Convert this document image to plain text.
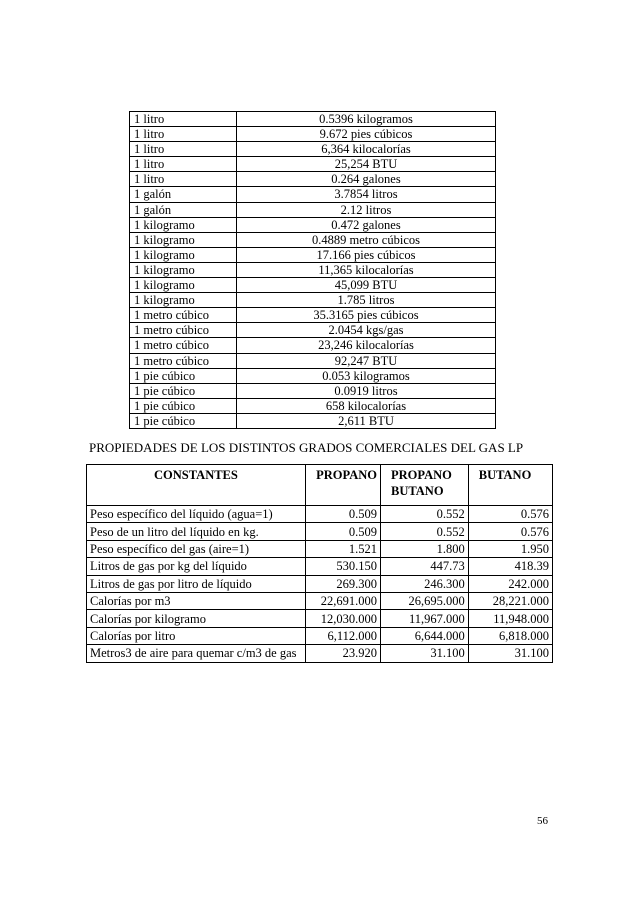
1 litro	0.5396 kilogramos
1 litro	9.672 pies cúbicos
1 litro	6,364 kilocalorías
1 litro	25,254 BTU
1 litro	0.264 galones
1 galón	3.7854 litros
1 galón	2.12 litros
1 kilogramo	0.472 galones
1 kilogramo	0.4889 metro cúbicos
1 kilogramo	17.166 pies cúbicos
1 kilogramo	11,365 kilocalorías
1 kilogramo	45,099 BTU
1 kilogramo	1.785 litros
1 metro cúbico	35.3165 pies cúbicos
1 metro cúbico	2.0454 kgs/gas
1 metro cúbico	23,246 kilocalorías
1 metro cúbico	92,247 BTU
1 pie cúbico	0.053 kilogramos
1 pie cúbico	0.0919 litros
1 pie cúbico	658 kilocalorías
1 pie cúbico	2,611 BTU
PROPIEDADES DE LOS DISTINTOS GRADOS COMERCIALES DEL GAS LP
CONSTANTES	PROPANO	PROPANO BUTANO	BUTANO
Peso específico del líquido (agua=1)	0.509	0.552	0.576
Peso de un litro del líquido en kg.	0.509	0.552	0.576
Peso específico del gas (aire=1)	1.521	1.800	1.950
Litros de gas por kg del líquido	530.150	447.73	418.39
Litros de gas por litro de líquido	269.300	246.300	242.000
Calorías por m3	22,691.000	26,695.000	28,221.000
Calorías por kilogramo	12,030.000	11,967.000	11,948.000
Calorías por litro	6,112.000	6,644.000	6,818.000
Metros3 de aire para quemar c/m3 de gas	23.920	31.100	31.100
56
